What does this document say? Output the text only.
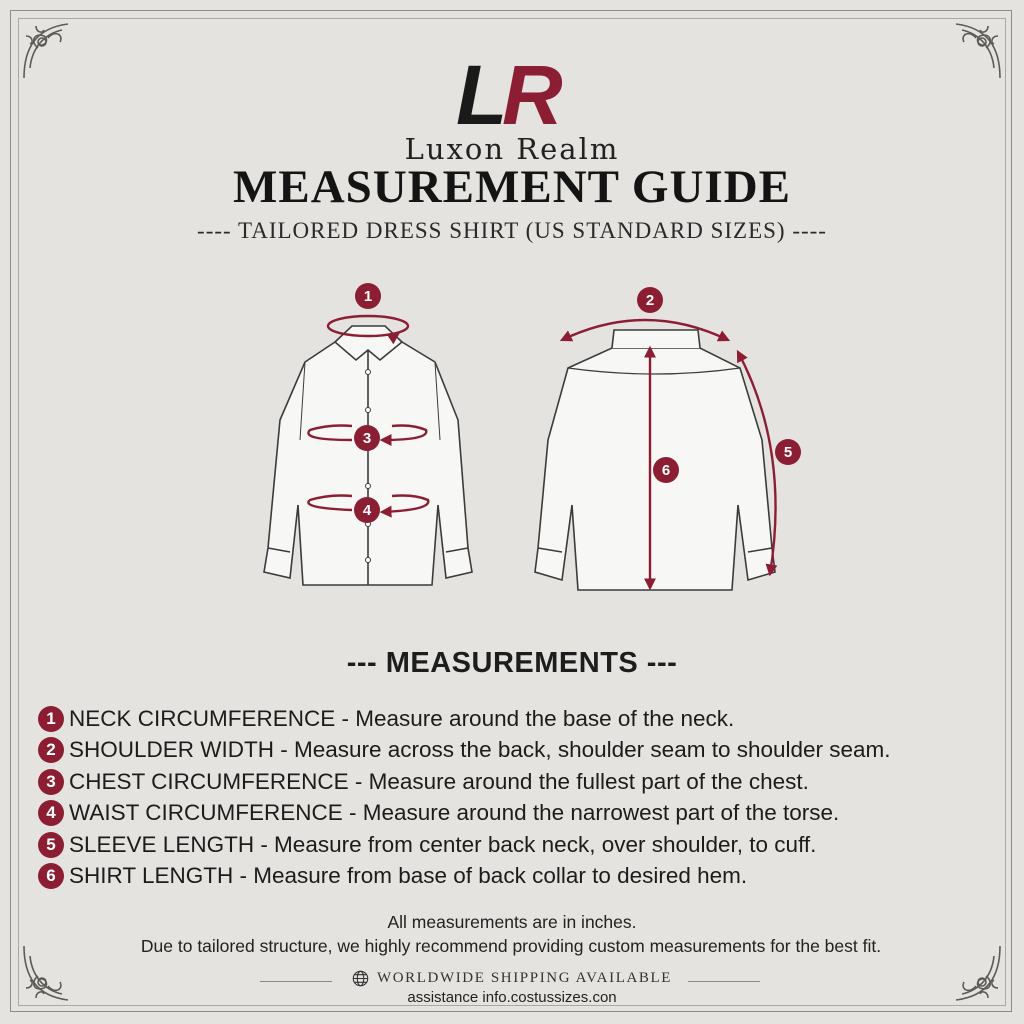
L
R
Luxon Realm
MEASUREMENT GUIDE
---- TAILORED DRESS SHIRT (US STANDARD SIZES) ----
1	2
3
4
5
6
--- MEASUREMENTS ---
1 NECK CIRCUMFERENCE - Measure around the base of the neck.
2 SHOULDER WIDTH - Measure across the back, shoulder seam to shoulder seam.
3 CHEST CIRCUMFERENCE - Measure around the fullest part of the chest.
4 WAIST CIRCUMFERENCE - Measure around the narrowest part of the torse.
5 SLEEVE LENGTH - Measure from center back neck, over shoulder, to cuff.
6 SHIRT LENGTH - Measure from base of back collar to desired hem.
All measurements are in inches.
Due to tailored structure, we highly recommend providing custom measurements for the best fit.
WORLDWIDE SHIPPING AVAILABLE
assistance info.costussizes.con
